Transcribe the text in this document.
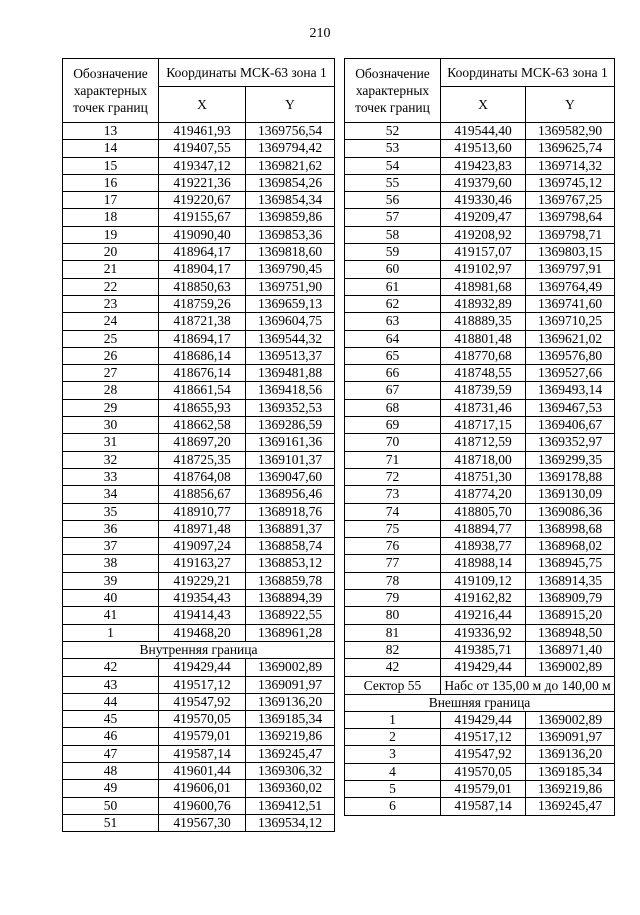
210
Обозначение характерных точек границ	Координаты МСК-63 зона 1	
	X	Y
13	419461,93	1369756,54
14	419407,55	1369794,42
15	419347,12	1369821,62
16	419221,36	1369854,26
17	419220,67	1369854,34
18	419155,67	1369859,86
19	419090,40	1369853,36
20	418964,17	1369818,60
21	418904,17	1369790,45
22	418850,63	1369751,90
23	418759,26	1369659,13
24	418721,38	1369604,75
25	418694,17	1369544,32
26	418686,14	1369513,37
27	418676,14	1369481,88
28	418661,54	1369418,56
29	418655,93	1369352,53
30	418662,58	1369286,59
31	418697,20	1369161,36
32	418725,35	1369101,37
33	418764,08	1369047,60
34	418856,67	1368956,46
35	418910,77	1368918,76
36	418971,48	1368891,37
37	419097,24	1368858,74
38	419163,27	1368853,12
39	419229,21	1368859,78
40	419354,43	1368894,39
41	419414,43	1368922,55
1	419468,20	1368961,28
Внутренняя граница		
42	419429,44	1369002,89
43	419517,12	1369091,97
44	419547,92	1369136,20
45	419570,05	1369185,34
46	419579,01	1369219,86
47	419587,14	1369245,47
48	419601,44	1369306,32
49	419606,01	1369360,02
50	419600,76	1369412,51
51	419567,30	1369534,12
Обозначение характерных точек границ	Координаты МСК-63 зона 1	
	X	Y
52	419544,40	1369582,90
53	419513,60	1369625,74
54	419423,83	1369714,32
55	419379,60	1369745,12
56	419330,46	1369767,25
57	419209,47	1369798,64
58	419208,92	1369798,71
59	419157,07	1369803,15
60	419102,97	1369797,91
61	418981,68	1369764,49
62	418932,89	1369741,60
63	418889,35	1369710,25
64	418801,48	1369621,02
65	418770,68	1369576,80
66	418748,55	1369527,66
67	418739,59	1369493,14
68	418731,46	1369467,53
69	418717,15	1369406,67
70	418712,59	1369352,97
71	418718,00	1369299,35
72	418751,30	1369178,88
73	418774,20	1369130,09
74	418805,70	1369086,36
75	418894,77	1368998,68
76	418938,77	1368968,02
77	418988,14	1368945,75
78	419109,12	1368914,35
79	419162,82	1368909,79
80	419216,44	1368915,20
81	419336,92	1368948,50
82	419385,71	1368971,40
42	419429,44	1369002,89
Сектор 55	Набс от 135,00 м до 140,00 м	
Внешняя граница		
1	419429,44	1369002,89
2	419517,12	1369091,97
3	419547,92	1369136,20
4	419570,05	1369185,34
5	419579,01	1369219,86
6	419587,14	1369245,47
